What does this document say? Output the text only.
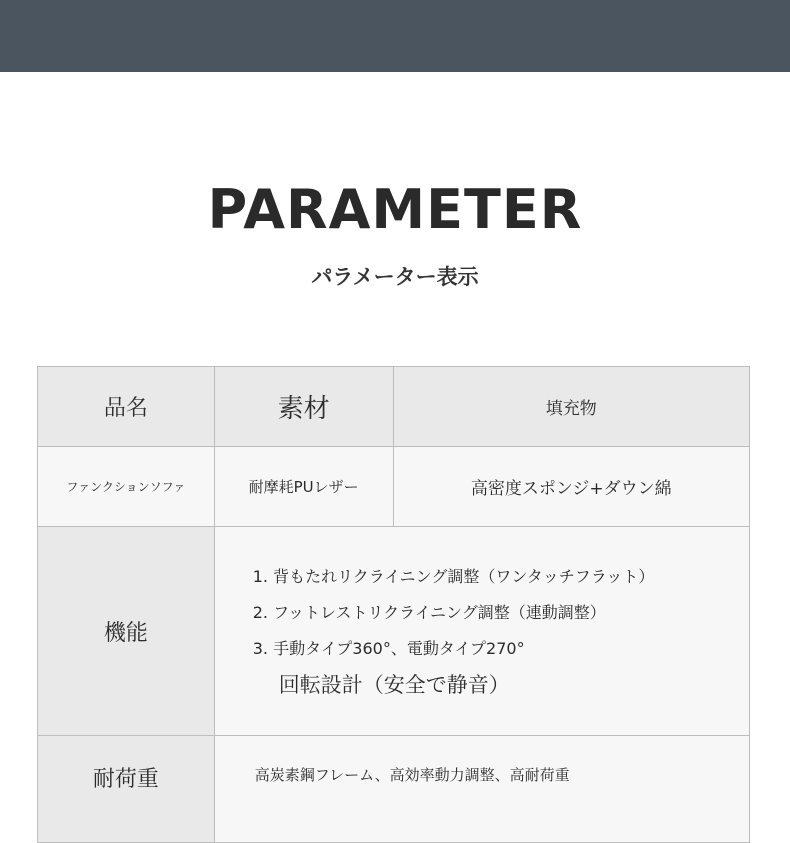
PARAMETER
パラメーター表示
品名	素材	填充物
ファンクションソファ	耐摩耗PUレザー	高密度スポンジ+ダウン綿
機能	1. 背もたれリクライニング調整（ワンタッチフラット）
2. フットレストリクライニング調整（連動調整）
3. 手動タイプ360°、電動タイプ270°
回転設計（安全で静音）	

耐荷重	高炭素鋼フレーム、高効率動力調整、高耐荷重	
